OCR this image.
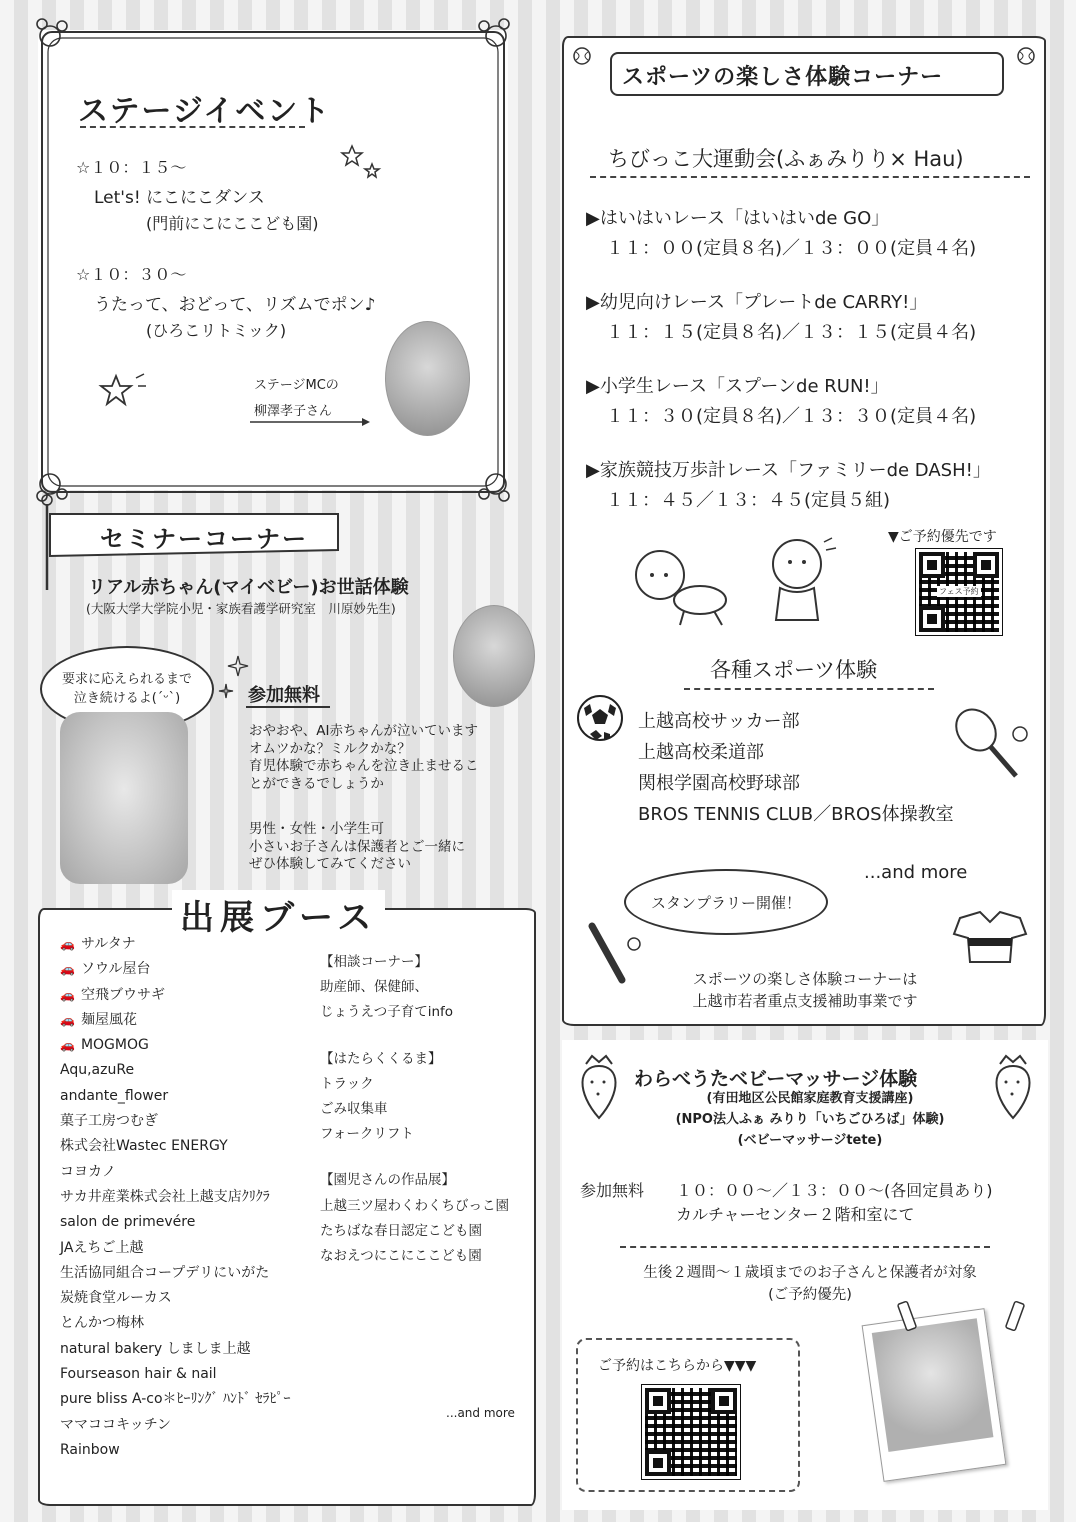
ステージイベント
☆１０：１５～
Let's! にこにこダンス
(門前にこにここども園)
☆１０：３０～
うたって、おどって、リズムでポン♪
(ひろこリトミック)
ステージMCの
柳澤孝子さん
セミナーコーナー
リアル赤ちゃん(マイベビー)お世話体験
(大阪大学大学院小児・家族看護学研究室　川原妙先生)
要求に応えられるまで
泣き続けるよ(ˊᵕˋ)	参加無料
おやおや、AI赤ちゃんが泣いています
オムツかな？ミルクかな？
育児体験で赤ちゃんを泣き止ませるこ
とができるでしょうか
男性・女性・小学生可
小さいお子さんは保護者とご一緒に
ぜひ体験してみてください
出展ブース
🚗 サルタナ
🚗 ソウル屋台
🚗 空飛ブウサギ
🚗 麺屋風花
🚗 MOGMOG
Aqu,azuRe
andante_flower
菓子工房つむぎ
株式会社Wastec ENERGY
コヨカノ
サカ井産業株式会社上越支店ｸﾘｸﾗ
salon de primevére
JAえちご上越
生活協同組合コープデリにいがた
炭焼食堂ルーカス
とんかつ梅林
natural bakery しましま上越
Fourseason hair & nail
pure bliss A-co＊ﾋｰﾘﾝｸﾞ ﾊﾝﾄﾞ ｾﾗﾋﾟｰ
ママココキッチン
Rainbow
【相談コーナー】
助産師、保健師、
じょうえつ子育てinfo
【はたらくくるま】
トラック
ごみ収集車
フォークリフト
【園児さんの作品展】
上越三ツ屋わくわくちびっこ園
たちばな春日認定こども園
なおえつにこにここども園
...and more
スポーツの楽しさ体験コーナー
ちびっこ大運動会(ふぁみりり× Hau)
▶はいはいレース「はいはいde GO」
１１：００(定員８名)／１３：００(定員４名)
▶幼児向けレース「プレートde CARRY!」
１１：１５(定員８名)／１３：１５(定員４名)
▶小学生レース「スプーンde RUN!」
１１：３０(定員８名)／１３：３０(定員４名)
▶家族競技万歩計レース「ファミリーde DASH!」
１１：４５／１３：４５(定員５組)
▼ご予約優先です
フェス予約
各種スポーツ体験
上越高校サッカー部
上越高校柔道部
関根学園高校野球部
BROS TENNIS CLUB／BROS体操教室
...and more
スタンプラリー開催！
スポーツの楽しさ体験コーナーは
上越市若者重点支援補助事業です
わらべうたベビーマッサージ体験
(有田地区公民館家庭教育支援講座)
(NPO法人ふぁ みりり「いちごひろば」体験)
(ベビーマッサージtete)
参加無料 １０：００～／１３：００～(各回定員あり)
カルチャーセンター２階和室にて
生後２週間～１歳頃までのお子さんと保護者が対象
(ご予約優先)
ご予約はこちらから▼▼▼
